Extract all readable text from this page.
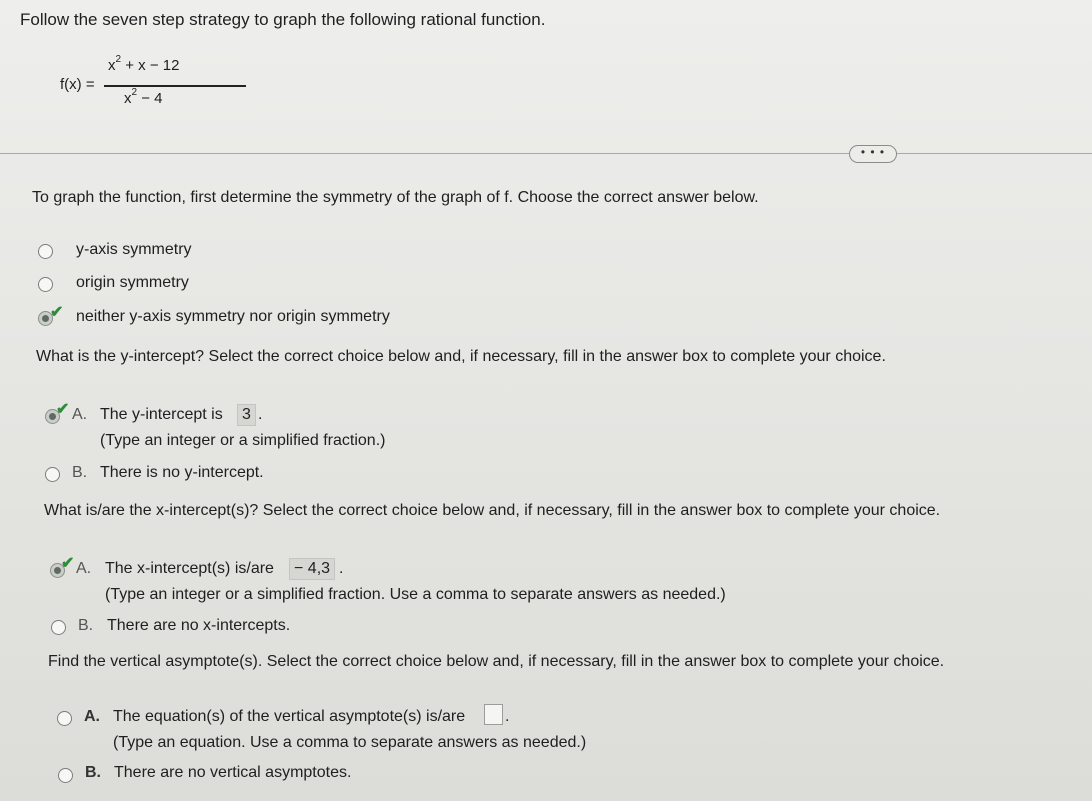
Follow the seven step strategy to graph the following rational function.
f(x) =
$x^2 + x - 12$
$x^2 - 4$
• • •
To graph the function, first determine the symmetry of the graph of f. Choose the correct answer below.
y-axis symmetry
origin symmetry
✔ neither y-axis symmetry nor origin symmetry
What is the y-intercept? Select the correct choice below and, if necessary, fill in the answer box to complete your choice.
✔ A. The y-intercept is	3 .
(Type an integer or a simplified fraction.)
B. There is no y-intercept.
What is/are the x-intercept(s)? Select the correct choice below and, if necessary, fill in the answer box to complete your choice.
✔ A. The x-intercept(s) is/are	− 4,3 .
(Type an integer or a simplified fraction. Use a comma to separate answers as needed.)
B. There are no x-intercepts.
Find the vertical asymptote(s). Select the correct choice below and, if necessary, fill in the answer box to complete your choice.
A. The equation(s) of the vertical asymptote(s) is/are .
(Type an equation. Use a comma to separate answers as needed.)
B. There are no vertical asymptotes.
